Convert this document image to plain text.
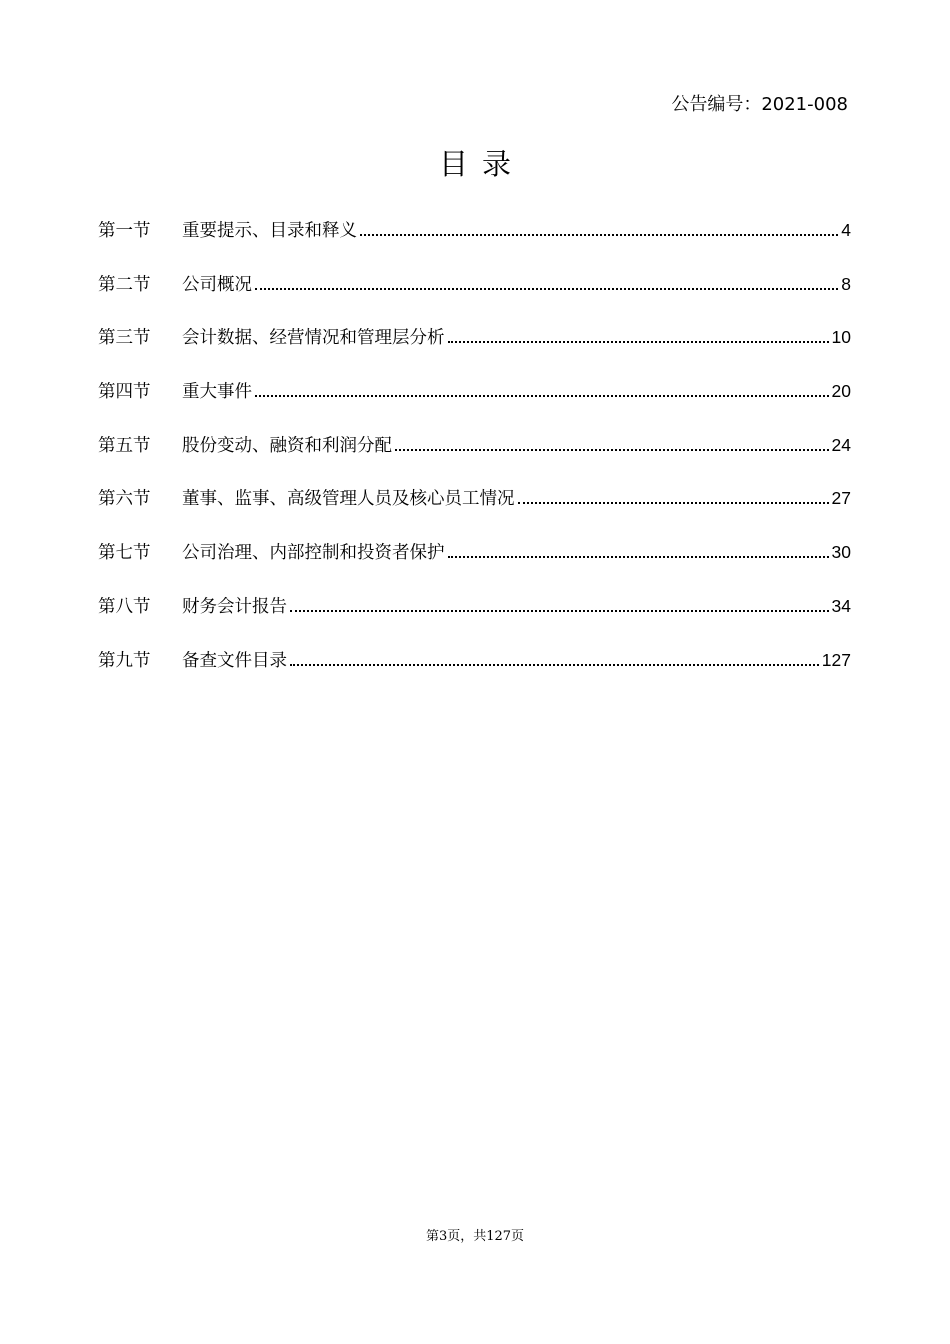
公告编号：2021-008
目录
第一节	重要提示、目录和释义	4
第二节	公司概况	8
第三节	会计数据、经营情况和管理层分析	10
第四节	重大事件	20
第五节	股份变动、融资和利润分配	24
第六节	董事、监事、高级管理人员及核心员工情况	27
第七节	公司治理、内部控制和投资者保护	30
第八节	财务会计报告	34
第九节	备查文件目录	127
第3页，共127页
